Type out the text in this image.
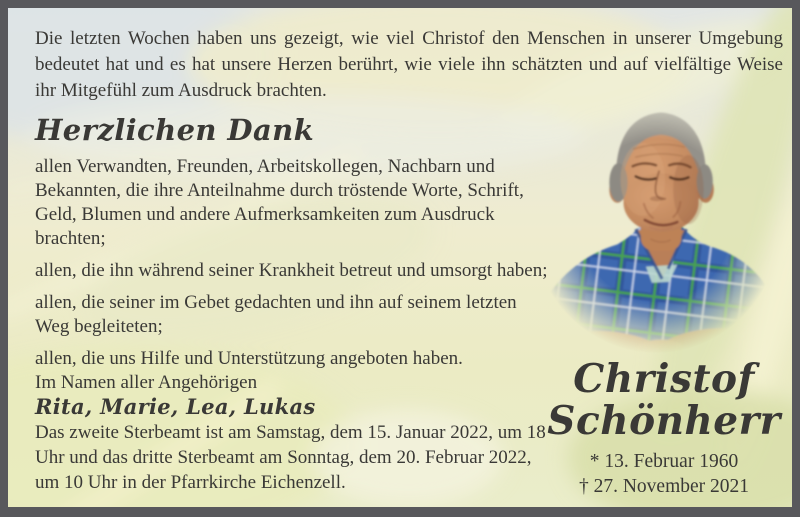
Die letzten Wochen haben uns gezeigt, wie viel Christof den Menschen in unserer Umgebung bedeutet hat und es hat unsere Herzen berührt, wie viele ihn schätzten und auf vielfältige Weise ihr Mitgefühl zum Ausdruck brachten.

Herzlichen Dank

allen Verwandten, Freunden, Arbeitskollegen, Nachbarn und Bekannten, die ihre Anteilnahme durch tröstende Worte, Schrift, Geld, Blumen und andere Aufmerksamkeiten zum Ausdruck brachten;

allen, die ihn während seiner Krankheit betreut und umsorgt haben;

allen, die seiner im Gebet gedachten und ihn auf seinem letzten Weg begleiteten;

allen, die uns Hilfe und Unterstützung angeboten haben.

Im Namen aller Angehörigen

Rita, Marie, Lea, Lukas

Das zweite Sterbeamt ist am Samstag, dem 15. Januar 2022, um 18 Uhr und das dritte Sterbeamt am Sonntag, dem 20. Februar 2022, um 10 Uhr in der Pfarrkirche Eichenzell.

Christof
Schönherr
* 13. Februar 1960
† 27. November 2021
